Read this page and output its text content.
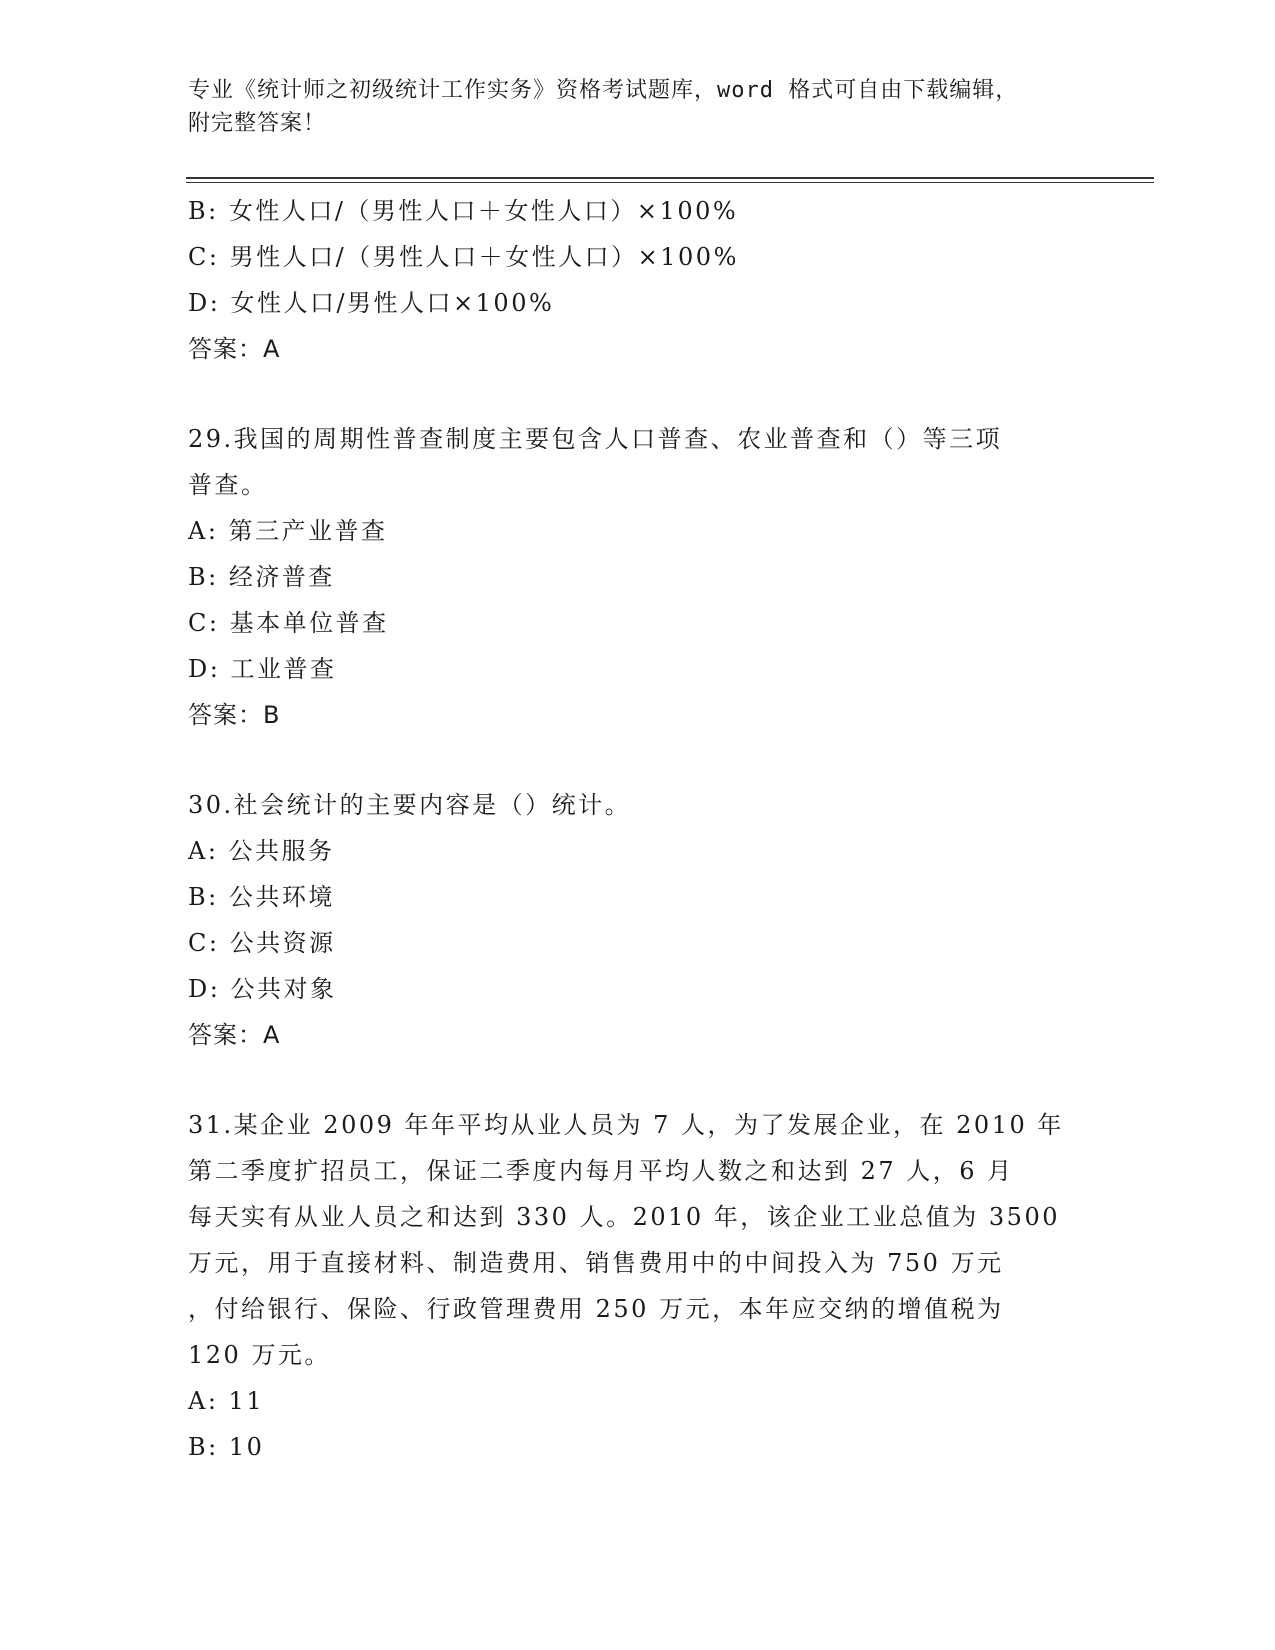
专业《统计师之初级统计工作实务》资格考试题库，word 格式可自由下载编辑，
附完整答案！
B: 女性人口/（男性人口＋女性人口）×100%
C: 男性人口/（男性人口＋女性人口）×100%
D: 女性人口/男性人口×100%
答案：A
29.我国的周期性普查制度主要包含人口普查、农业普查和（）等三项
普查。
A: 第三产业普查
B: 经济普查
C: 基本单位普查
D: 工业普查
答案：B
30.社会统计的主要内容是（）统计。
A: 公共服务
B: 公共环境
C: 公共资源
D: 公共对象
答案：A
31.某企业 2009 年年平均从业人员为 7 人，为了发展企业，在 2010 年
第二季度扩招员工，保证二季度内每月平均人数之和达到 27 人，6 月
每天实有从业人员之和达到 330 人。2010 年，该企业工业总值为 3500
万元，用于直接材料、制造费用、销售费用中的中间投入为 750 万元
，付给银行、保险、行政管理费用 250 万元，本年应交纳的增值税为
120 万元。
A: 11
B: 10
